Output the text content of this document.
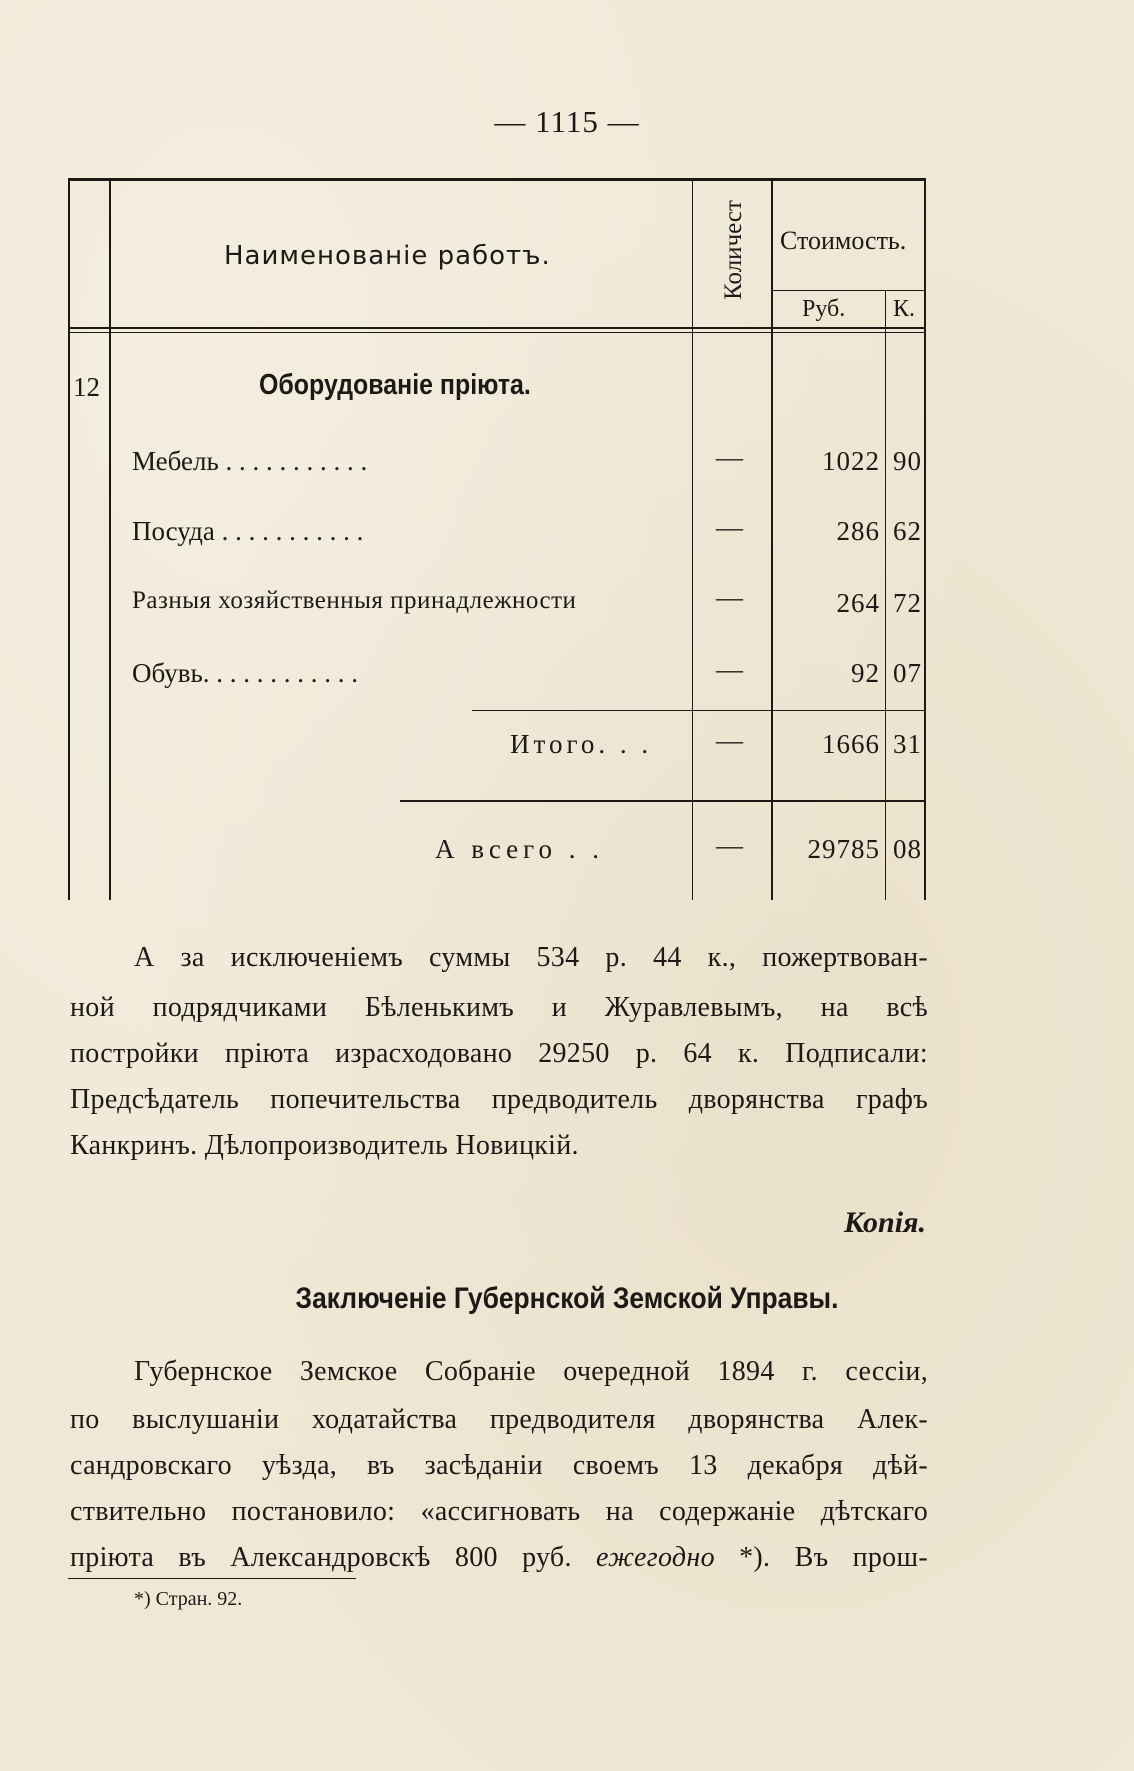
— 1115 —
Наименованіе работъ.	Количест Стоимость.
Руб. К.
12	Оборудованіе пріюта.
Мебель . . . . . . . . . . .	—	1022 90
Посуда . . . . . . . . . . .	—	286 62
Разныя хозяйственныя принадлежности	—	264 72
Обувь. . . . . . . . . . . .	—	92 07
Итого. . . —	1666 31
А всего . .	—	29785 08
А за исключеніемъ суммы 534 р. 44 к., пожертвован-
ной подрядчиками Бѣленькимъ и Журавлевымъ, на всѣ
постройки пріюта израсходовано 29250 р. 64 к. Подписали:
Предсѣдатель попечительства предводитель дворянства графъ
Канкринъ. Дѣлопроизводитель Новицкій.
Копія.
Заключеніе Губернской Земской Управы.
Губернское Земское Собраніе очередной 1894 г. сессіи,
по выслушаніи ходатайства предводителя дворянства Алек-
сандровскаго уѣзда, въ засѣданіи своемъ 13 декабря дѣй-
ствительно постановило: «ассигновать на содержаніе дѣтскаго
пріюта въ Александровскѣ 800 руб. ежегодно *). Въ прош-
*) Стран. 92.
